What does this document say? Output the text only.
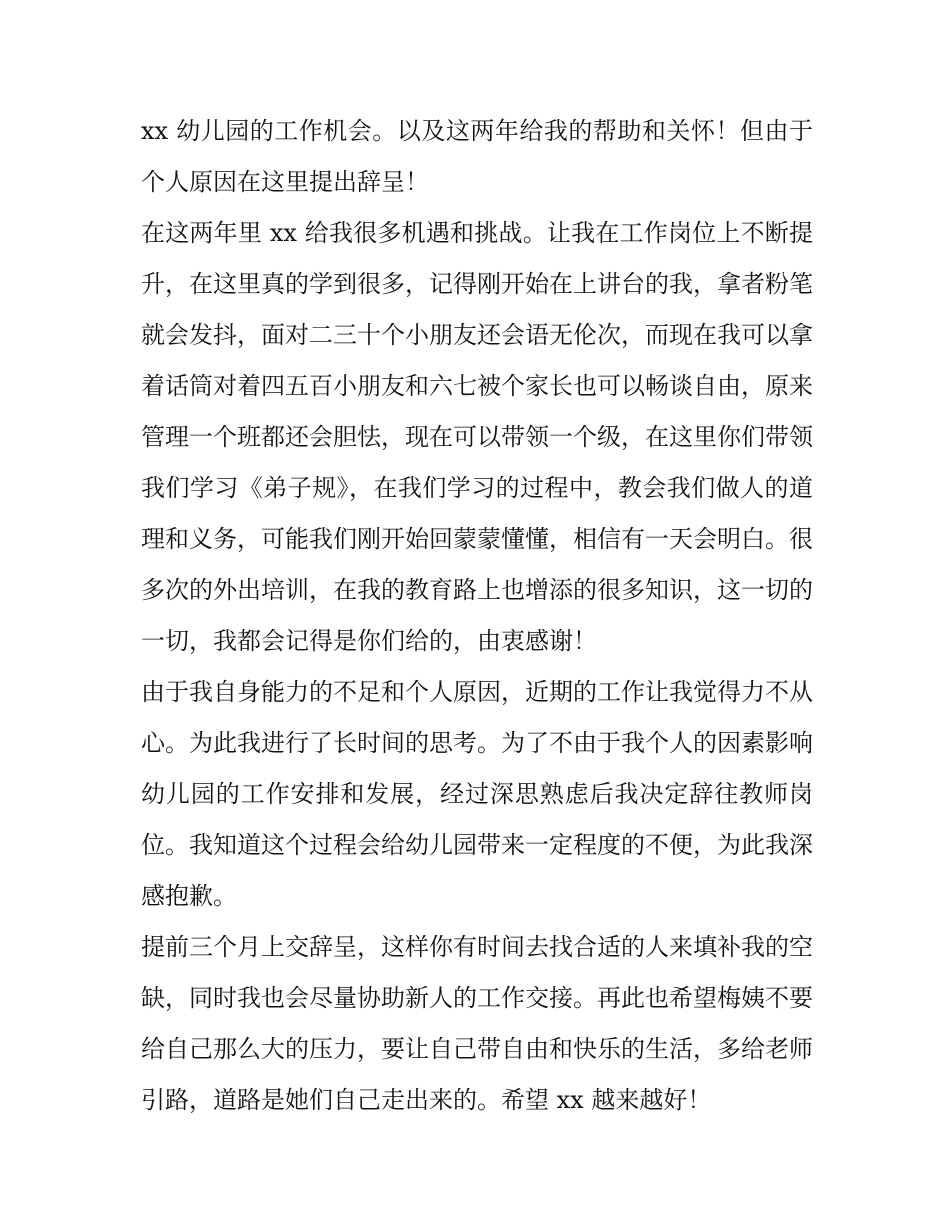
xx 幼儿园的工作机会。以及这两年给我的帮助和关怀！但由于个人原因在这里提出辞呈！

在这两年里 xx 给我很多机遇和挑战。让我在工作岗位上不断提升，在这里真的学到很多，记得刚开始在上讲台的我，拿者粉笔就会发抖，面对二三十个小朋友还会语无伦次，而现在我可以拿着话筒对着四五百小朋友和六七被个家长也可以畅谈自由，原来管理一个班都还会胆怯，现在可以带领一个级，在这里你们带领我们学习《弟子规》，在我们学习的过程中，教会我们做人的道理和义务，可能我们刚开始回蒙蒙懂懂，相信有一天会明白。很多次的外出培训，在我的教育路上也增添的很多知识，这一切的一切，我都会记得是你们给的，由衷感谢！

由于我自身能力的不足和个人原因，近期的工作让我觉得力不从心。为此我进行了长时间的思考。为了不由于我个人的因素影响幼儿园的工作安排和发展，经过深思熟虑后我决定辞往教师岗位。我知道这个过程会给幼儿园带来一定程度的不便，为此我深感抱歉。

提前三个月上交辞呈，这样你有时间去找合适的人来填补我的空缺，同时我也会尽量协助新人的工作交接。再此也希望梅姨不要给自己那么大的压力，要让自己带自由和快乐的生活，多给老师引路，道路是她们自己走出来的。希望 xx 越来越好！
